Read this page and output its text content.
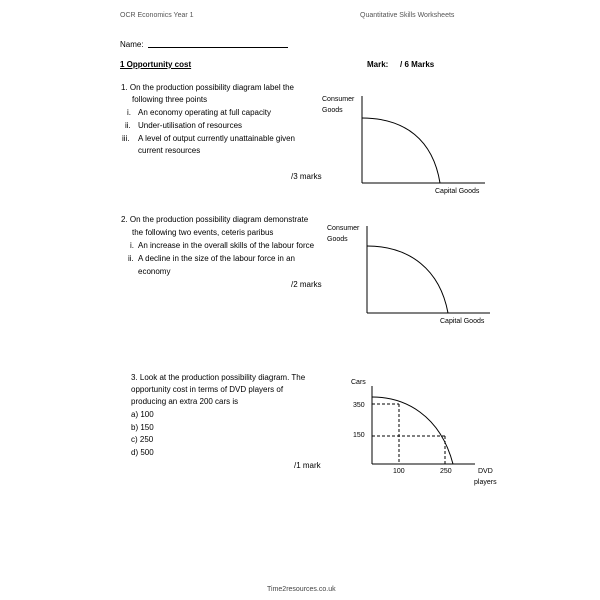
OCR Economics Year 1	Quantitative Skills Worksheets
Name:
1 Opportunity cost	Mark: / 6 Marks
1. On the production possibility diagram label the
following three points
i. An economy operating at full capacity
ii. Under-utilisation of resources
iii. A level of output currently unattainable given
current resources
/3 marks
Consumer
Goods
Capital Goods
2. On the production possibility diagram demonstrate
the following two events, ceteris paribus
i. An increase in the overall skills of the labour force
ii. A decline in the size of the labour force in an
economy
/2 marks
Consumer
Goods
Capital Goods
3. Look at the production possibility diagram. The
opportunity cost in terms of DVD players of
producing an extra 200 cars is
a) 100
b) 150
c) 250
d) 500
/1 mark
Cars
350
150
100	250	DVD
players
Time2resources.co.uk
